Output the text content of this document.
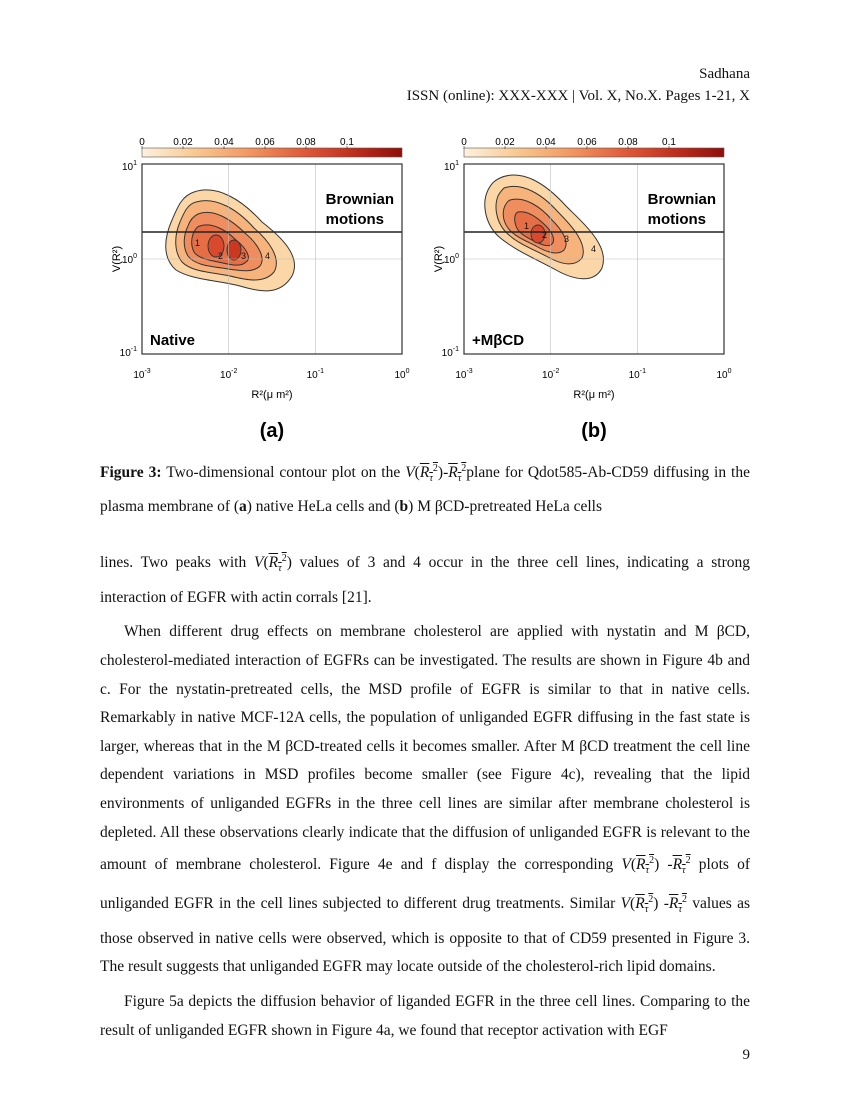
Sadhana
ISSN (online): XXX-XXX | Vol. X, No.X. Pages 1-21, X
0	0.02 0.04 0.06 0.08 0.1
1
2 3 4
Brownian
motions
Native
$10^1$
$10^0$
$10^{-1}$
$10^{-3}$	$10^{-2}$	$10^{-1}$	$10^0$
V(R²)
R²(μ m²)
(a)
0	0.02 0.04 0.06 0.08 0.1
1
2 3
4
Brownian
motions
+MβCD
$10^1$
$10^0$
$10^{-1}$
$10^{-3}$	$10^{-2}$	$10^{-1}$	$10^0$
V(R²)
R²(μ m²)
(b)
Figure 3: Two-dimensional contour plot on the $V(R_\tau^2)-R_\tau^2plane$ for Qdot585-Ab-CD59 diffusing in the plasma membrane of (a) native HeLa cells and (b) M βCD-pretreated HeLa cells

lines. Two peaks with $V(R_\tau^2)$ values of 3 and 4 occur in the three cell lines, indicating a strong interaction of EGFR with actin corrals [21].

When different drug effects on membrane cholesterol are applied with nystatin and M βCD, cholesterol-mediated interaction of EGFRs can be investigated. The results are shown in Figure 4b and c. For the nystatin-pretreated cells, the MSD profile of EGFR is similar to that in native cells. Remarkably in native MCF-12A cells, the population of unliganded EGFR diffusing in the fast state is larger, whereas that in the M βCD-treated cells it becomes smaller. After M βCD treatment the cell line dependent variations in MSD profiles become smaller (see Figure 4c), revealing that the lipid environments of unliganded EGFRs in the three cell lines are similar after membrane cholesterol is depleted. All these observations clearly indicate that the diffusion of unliganded EGFR is relevant to the amount of membrane cholesterol. Figure 4e and f display the corresponding $V(R_\tau^2)$ $-R_\tau^2$ plots of unliganded EGFR in the cell lines subjected to different drug treatments. Similar $V(R_\tau^2)$ $-R_\tau^2$ values as those observed in native cells were observed, which is opposite to that of CD59 presented in Figure 3. The result suggests that unliganded EGFR may locate outside of the cholesterol-rich lipid domains.

Figure 5a depicts the diffusion behavior of liganded EGFR in the three cell lines. Comparing to the result of unliganded EGFR shown in Figure 4a, we found that receptor activation with EGF

9
